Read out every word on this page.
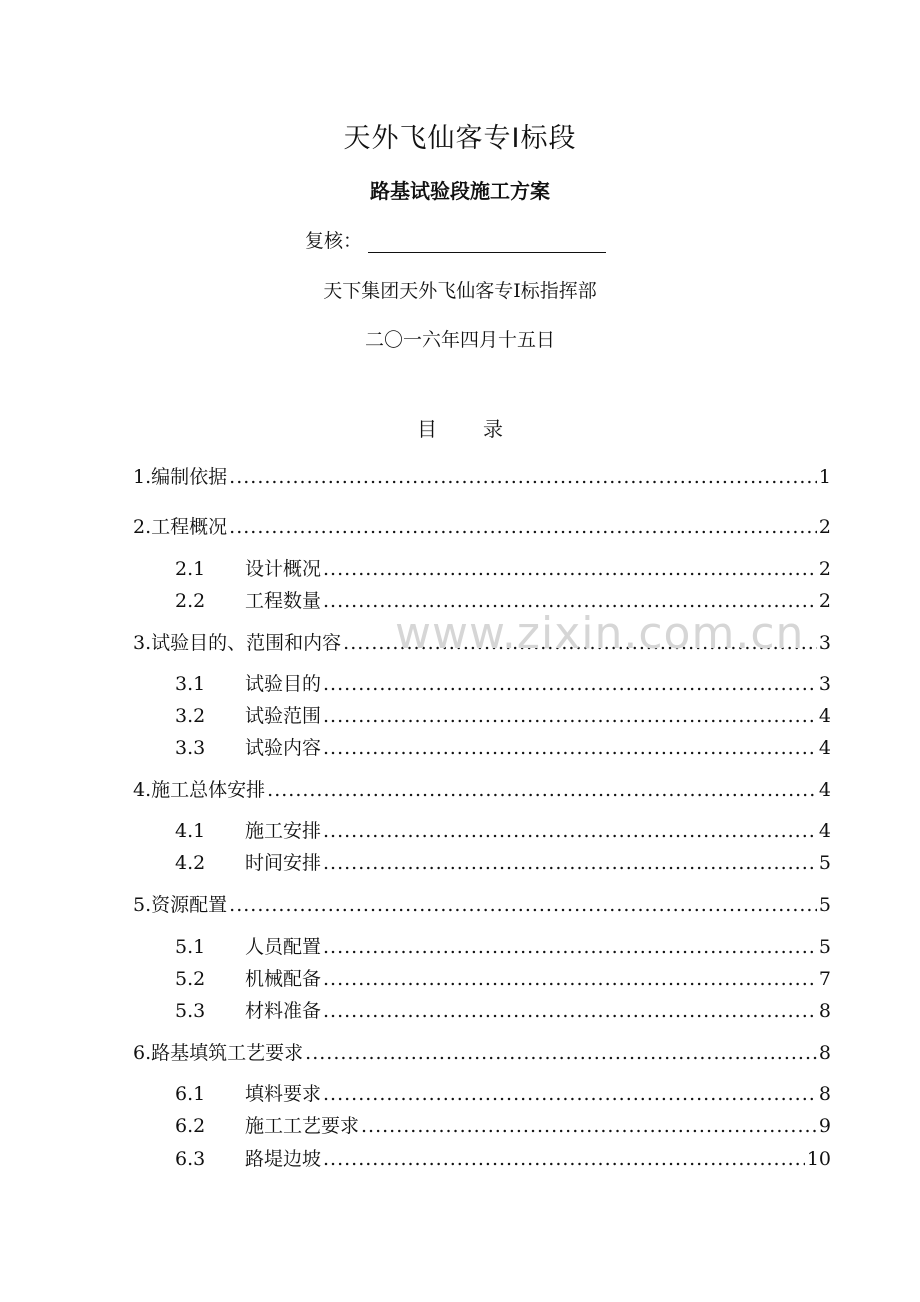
天外飞仙客专Ⅰ标段
路基试验段施工方案
复核：
天下集团天外飞仙客专Ⅰ标指挥部
二〇一六年四月十五日
目 录
1. 编制依据 .....	1
2. 工程概况 .....	2
2.1	设计概况 .....	2
2.2	工程数量 .....	2
3. 试验目的、范围和内容 .....	3
3.1	试验目的 .....	3
3.2	试验范围 .....	4
3.3	试验内容 .....	4
4. 施工总体安排 .....	4
4.1	施工安排 .....	4
4.2	时间安排 .....	5
5. 资源配置 .....	5
5.1	人员配置 .....	5
5.2	机械配备 .....	7
5.3	材料准备 .....	8
6. 路基填筑工艺要求 .....	8
6.1	填料要求 .....	8
6.2	施工工艺要求 .....	9
6.3	路堤边坡 .....	10
www.zixin.com.cn
